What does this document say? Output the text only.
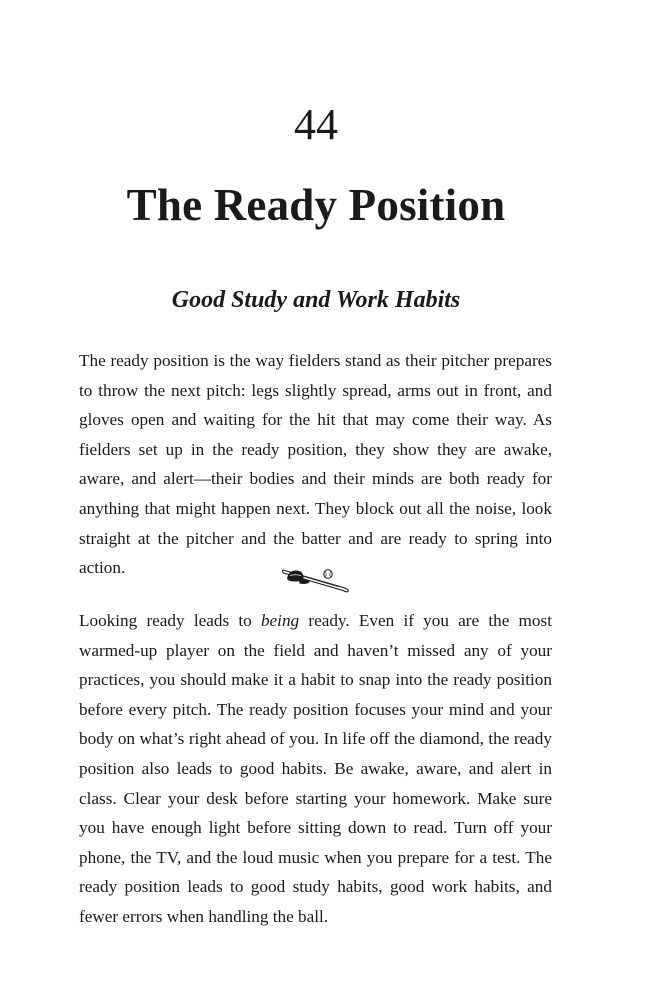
44
The Ready Position
Good Study and Work Habits

The ready position is the way fielders stand as their pitcher prepares to throw the next pitch: legs slightly spread, arms out in front, and gloves open and waiting for the hit that may come their way. As fielders set up in the ready position, they show they are awake, aware, and alert—their bodies and their minds are both ready for anything that might happen next. They block out all the noise, look straight at the pitcher and the batter and are ready to spring into action.

Looking ready leads to being ready. Even if you are the most warmed-up player on the field and haven’t missed any of your practices, you should make it a habit to snap into the ready position before every pitch. The ready position focuses your mind and your body on what’s right ahead of you. In life off the diamond, the ready position also leads to good habits. Be awake, aware, and alert in class. Clear your desk before starting your homework. Make sure you have enough light before sitting down to read. Turn off your phone, the TV, and the loud music when you prepare for a test. The ready position leads to good study habits, good work habits, and fewer errors when handling the ball.
